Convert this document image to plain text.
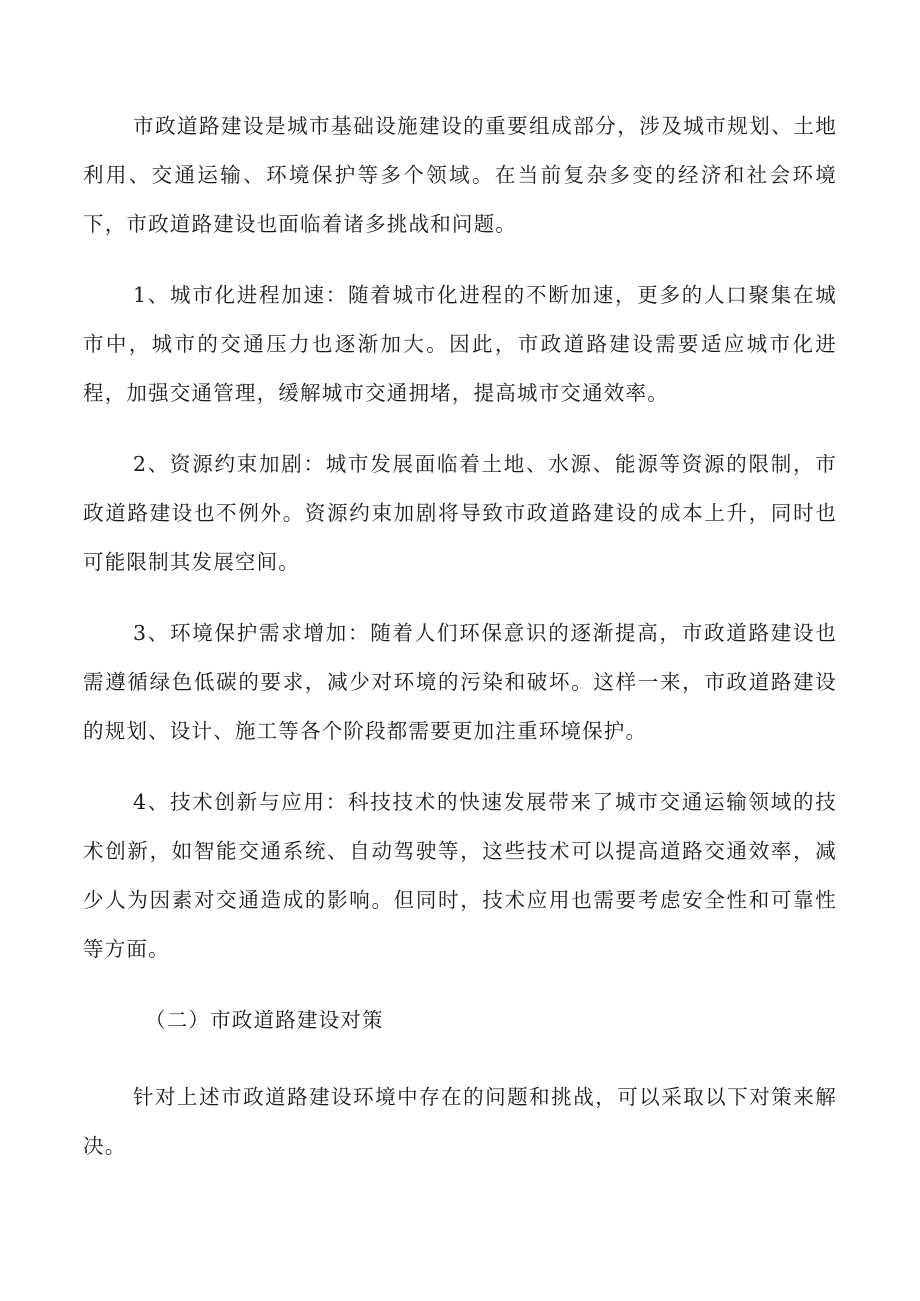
市政道路建设是城市基础设施建设的重要组成部分，涉及城市规划、土地利用、交通运输、环境保护等多个领域。在当前复杂多变的经济和社会环境下，市政道路建设也面临着诸多挑战和问题。

1、城市化进程加速：随着城市化进程的不断加速，更多的人口聚集在城市中，城市的交通压力也逐渐加大。因此，市政道路建设需要适应城市化进程，加强交通管理，缓解城市交通拥堵，提高城市交通效率。

2、资源约束加剧：城市发展面临着土地、水源、能源等资源的限制，市政道路建设也不例外。资源约束加剧将导致市政道路建设的成本上升，同时也可能限制其发展空间。

3、环境保护需求增加：随着人们环保意识的逐渐提高，市政道路建设也需遵循绿色低碳的要求，减少对环境的污染和破坏。这样一来，市政道路建设的规划、设计、施工等各个阶段都需要更加注重环境保护。

4、技术创新与应用：科技技术的快速发展带来了城市交通运输领域的技术创新，如智能交通系统、自动驾驶等，这些技术可以提高道路交通效率，减少人为因素对交通造成的影响。但同时，技术应用也需要考虑安全性和可靠性等方面。

（二）市政道路建设对策

针对上述市政道路建设环境中存在的问题和挑战，可以采取以下对策来解决。
